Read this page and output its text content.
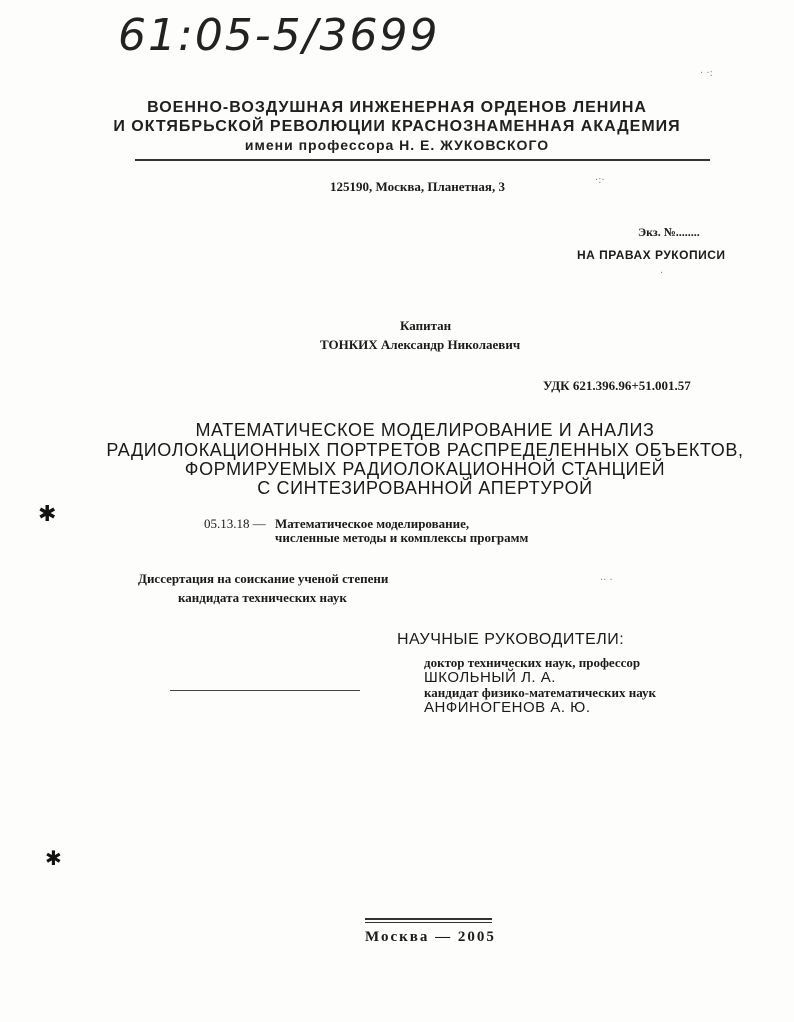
61:05-5/3699
ВОЕННО-ВОЗДУШНАЯ ИНЖЕНЕРНАЯ ОРДЕНОВ ЛЕНИНА
И ОКТЯБРЬСКОЙ РЕВОЛЮЦИИ КРАСНОЗНАМЕННАЯ АКАДЕМИЯ
имени профессора Н. Е. ЖУКОВСКОГО
125190, Москва, Планетная, 3
Экз. №........
НА ПРАВАХ РУКОПИСИ
Капитан
ТОНКИХ Александр Николаевич
УДК 621.396.96+51.001.57
МАТЕМАТИЧЕСКОЕ МОДЕЛИРОВАНИЕ И АНАЛИЗ
РАДИОЛОКАЦИОННЫХ ПОРТРЕТОВ РАСПРЕДЕЛЕННЫХ ОБЪЕКТОВ,
ФОРМИРУЕМЫХ РАДИОЛОКАЦИОННОЙ СТАНЦИЕЙ
С СИНТЕЗИРОВАННОЙ АПЕРТУРОЙ
05.13.18 — Математическое моделирование,
численные методы и комплексы программ
Диссертация на соискание ученой степени
кандидата технических наук
НАУЧНЫЕ РУКОВОДИТЕЛИ:
доктор технических наук, профессор
ШКОЛЬНЫЙ Л. А.
кандидат физико-математических наук
АНФИНОГЕНОВ А. Ю.
Москва — 2005
✱
✱
· ·:
·:·
·· ·
·
